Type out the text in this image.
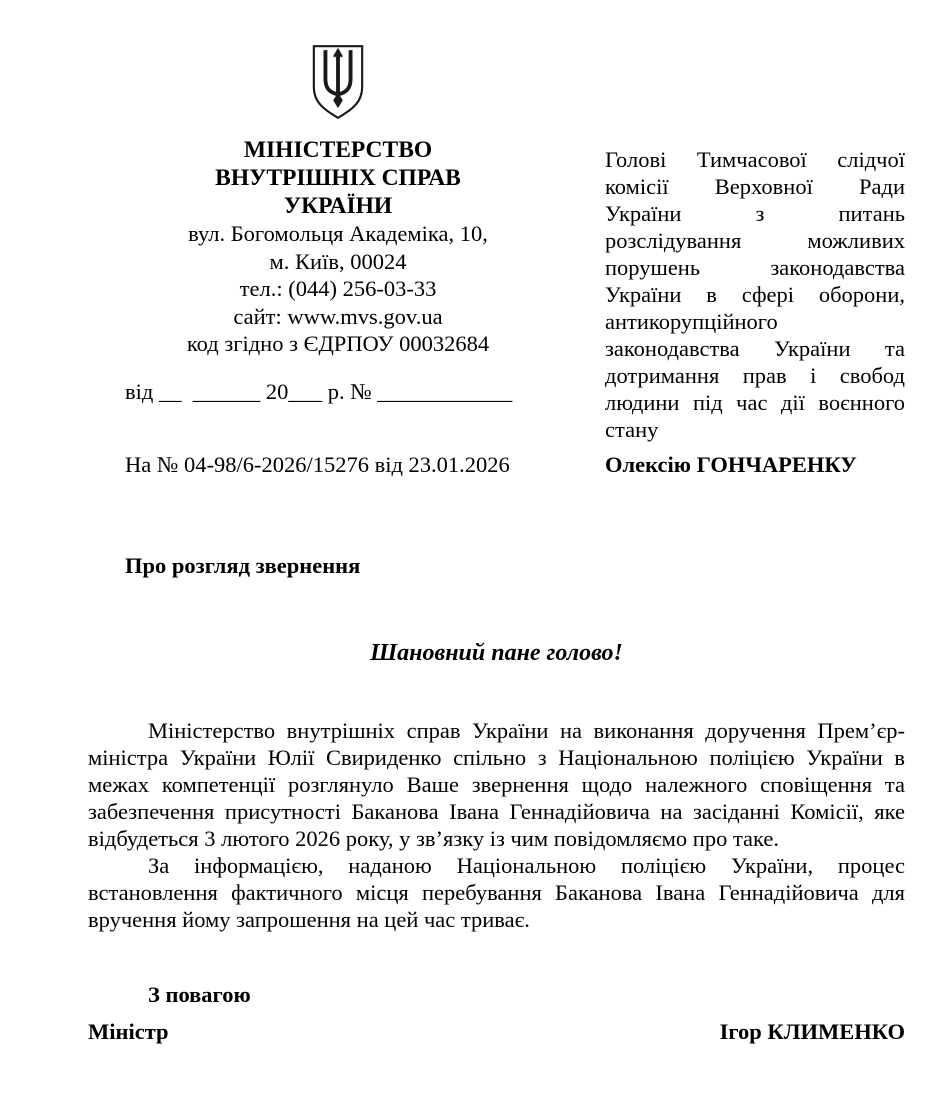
МІНІСТЕРСТВО
ВНУТРІШНІХ СПРАВ
УКРАЇНИ
вул. Богомольця Академіка, 10,
м. Київ, 00024
тел.: (044) 256-03-33
сайт: www.mvs.gov.ua
код згідно з ЄДРПОУ 00032684
від __  ______ 20___ р. № ____________
На № 04-98/6-2026/15276 від 23.01.2026

Голові Тимчасової слідчої комісії Верховної Ради України з питань розслідування можливих порушень законодавства України в сфері оборони, антикорупційного законодавства України та дотримання прав і свобод людини під час дії воєнного стану

Олексію ГОНЧАРЕНКУ
Про розгляд звернення
Шановний пане голово!

Міністерство внутрішніх справ України на виконання доручення Прем’єр-міністра України Юлії Свириденко спільно з Національною поліцією України в межах компетенції розглянуло Ваше звернення щодо належного сповіщення та забезпечення присутності Баканова Івана Геннадійовича на засіданні Комісії, яке відбудеться 3 лютого 2026 року, у зв’язку із чим повідомляємо про таке.

За інформацією, наданою Національною поліцією України, процес встановлення фактичного місця перебування Баканова Івана Геннадійовича для вручення йому запрошення на цей час триває.

З повагою
Міністр	Ігор КЛИМЕНКО
